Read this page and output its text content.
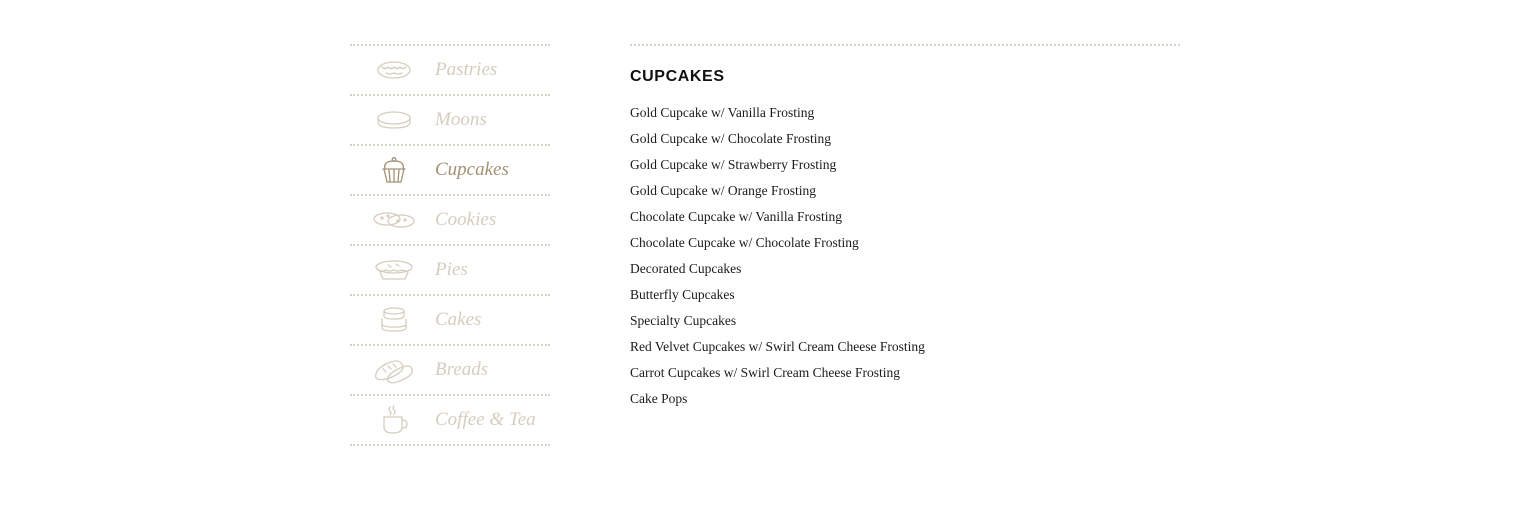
Pastries
Moons
Cupcakes
Cookies
Pies
Cakes
Breads
Coffee & Tea
CUPCAKES
Gold Cupcake w/ Vanilla Frosting
Gold Cupcake w/ Chocolate Frosting
Gold Cupcake w/ Strawberry Frosting
Gold Cupcake w/ Orange Frosting
Chocolate Cupcake w/ Vanilla Frosting
Chocolate Cupcake w/ Chocolate Frosting
Decorated Cupcakes
Butterfly Cupcakes
Specialty Cupcakes
Red Velvet Cupcakes w/ Swirl Cream Cheese Frosting
Carrot Cupcakes w/ Swirl Cream Cheese Frosting
Cake Pops
